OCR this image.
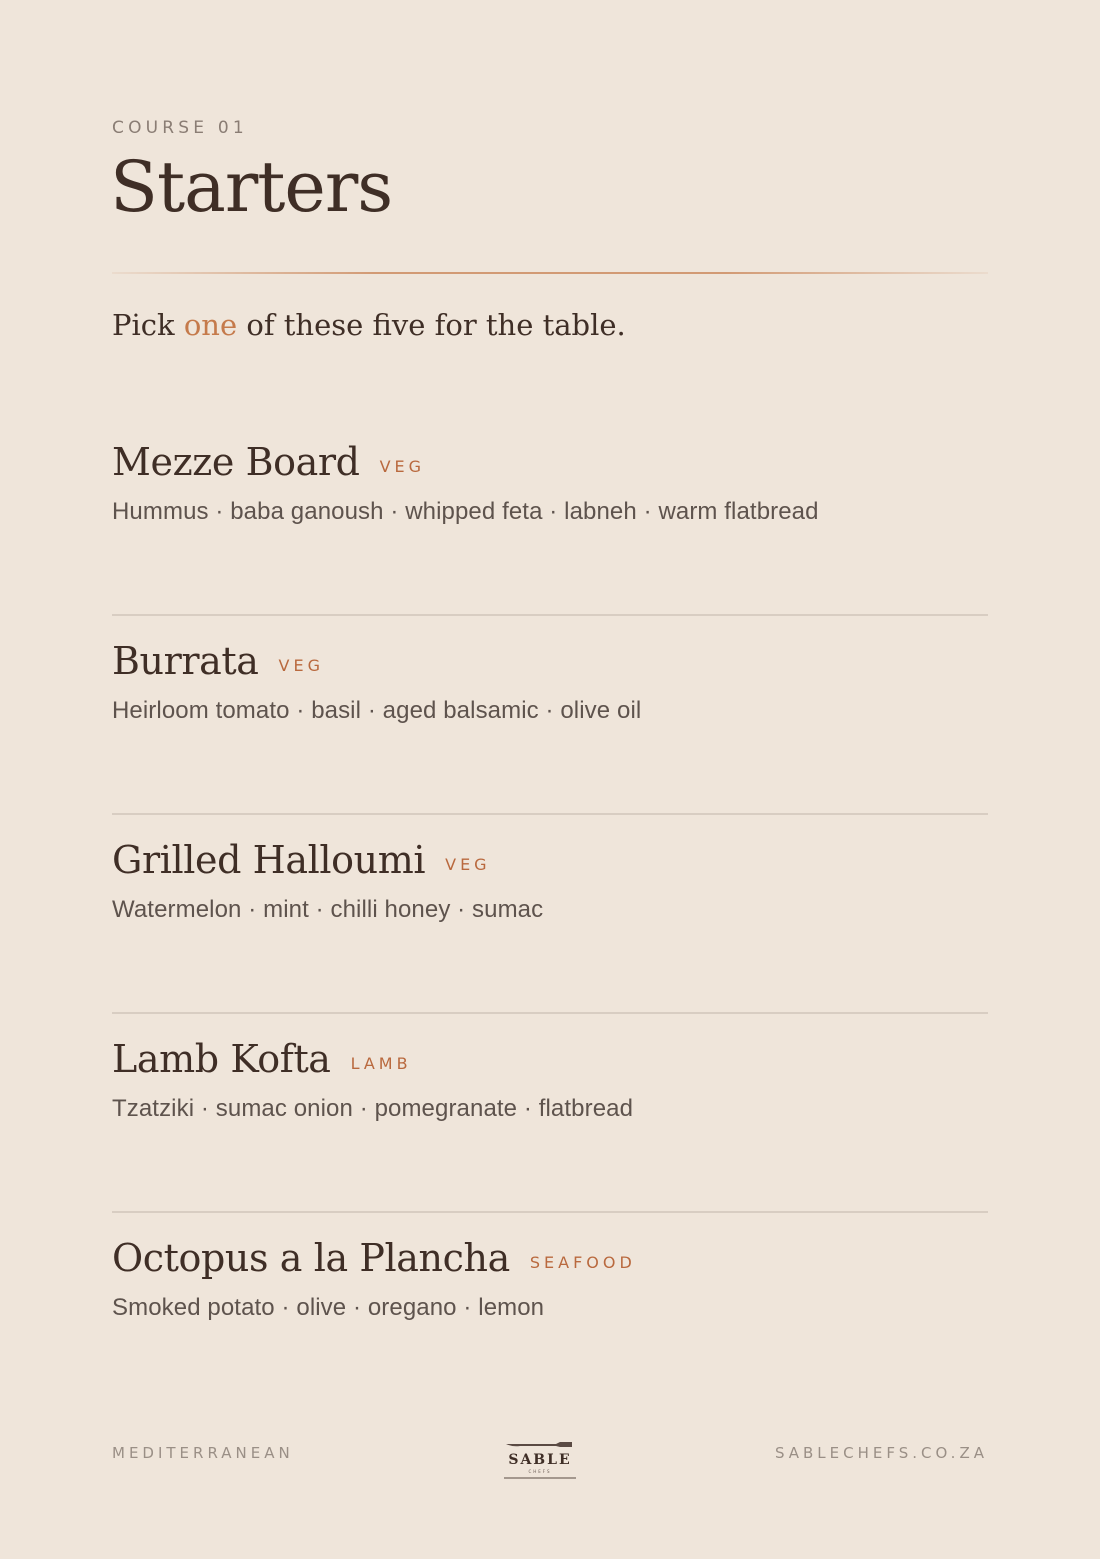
COURSE 01
Starters
Pick one of these five for the table.
Mezze Board VEG
Hummus · baba ganoush · whipped feta · labneh · warm flatbread
Burrata VEG
Heirloom tomato · basil · aged balsamic · olive oil
Grilled Halloumi VEG
Watermelon · mint · chilli honey · sumac
Lamb Kofta LAMB
Tzatziki · sumac onion · pomegranate · flatbread
Octopus a la Plancha SEAFOOD
Smoked potato · olive · oregano · lemon
MEDITERRANEAN	SABLE
CHEFS
SABLECHEFS.CO.ZA
